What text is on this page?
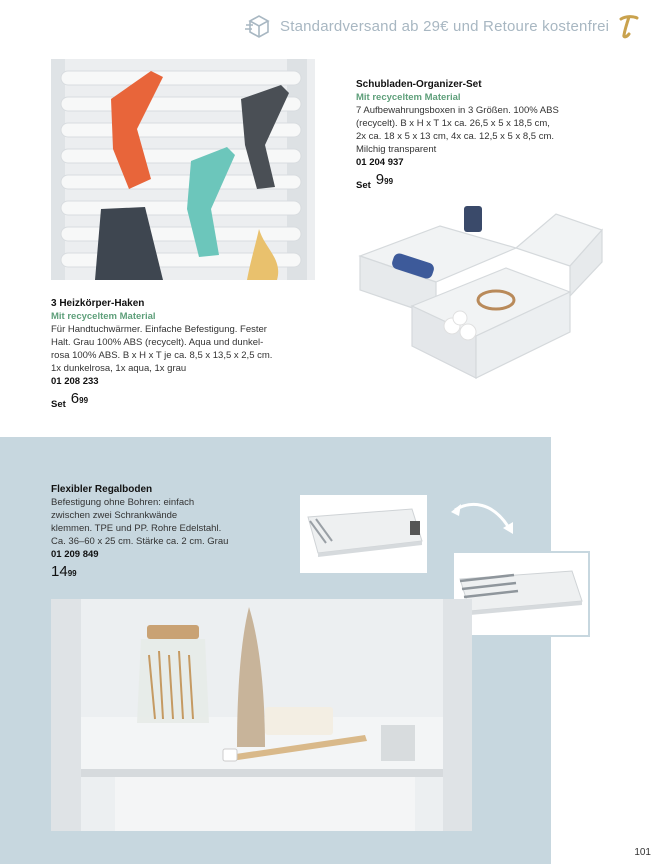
Standardversand ab 29€ und Retoure kostenfrei
Schubladen-Organizer-Set
Mit recyceltem Material
7 Aufbewahrungsboxen in 3 Größen. 100% ABS
(recycelt). B x H x T 1x ca. 26,5 x 5 x 18,5 cm,
2x ca. 18 x 5 x 13 cm, 4x ca. 12,5 x 5 x 8,5 cm.
Milchig transparent
01 204 937
Set 9 99
3 Heizkörper-Haken
Mit recyceltem Material
Für Handtuchwärmer. Einfache Befestigung. Fester
Halt. Grau 100% ABS (recycelt). Aqua und dunkel-
rosa 100% ABS. B x H x T je ca. 8,5 x 13,5 x 2,5 cm.
1x dunkelrosa, 1x aqua, 1x grau
01 208 233
Set 6 99
Flexibler Regalboden
Befestigung ohne Bohren: einfach
zwischen zwei Schrankwände
klemmen. TPE und PP. Rohre Edelstahl.
Ca. 36–60 x 25 cm. Stärke ca. 2 cm. Grau
01 209 849
14 99
101
